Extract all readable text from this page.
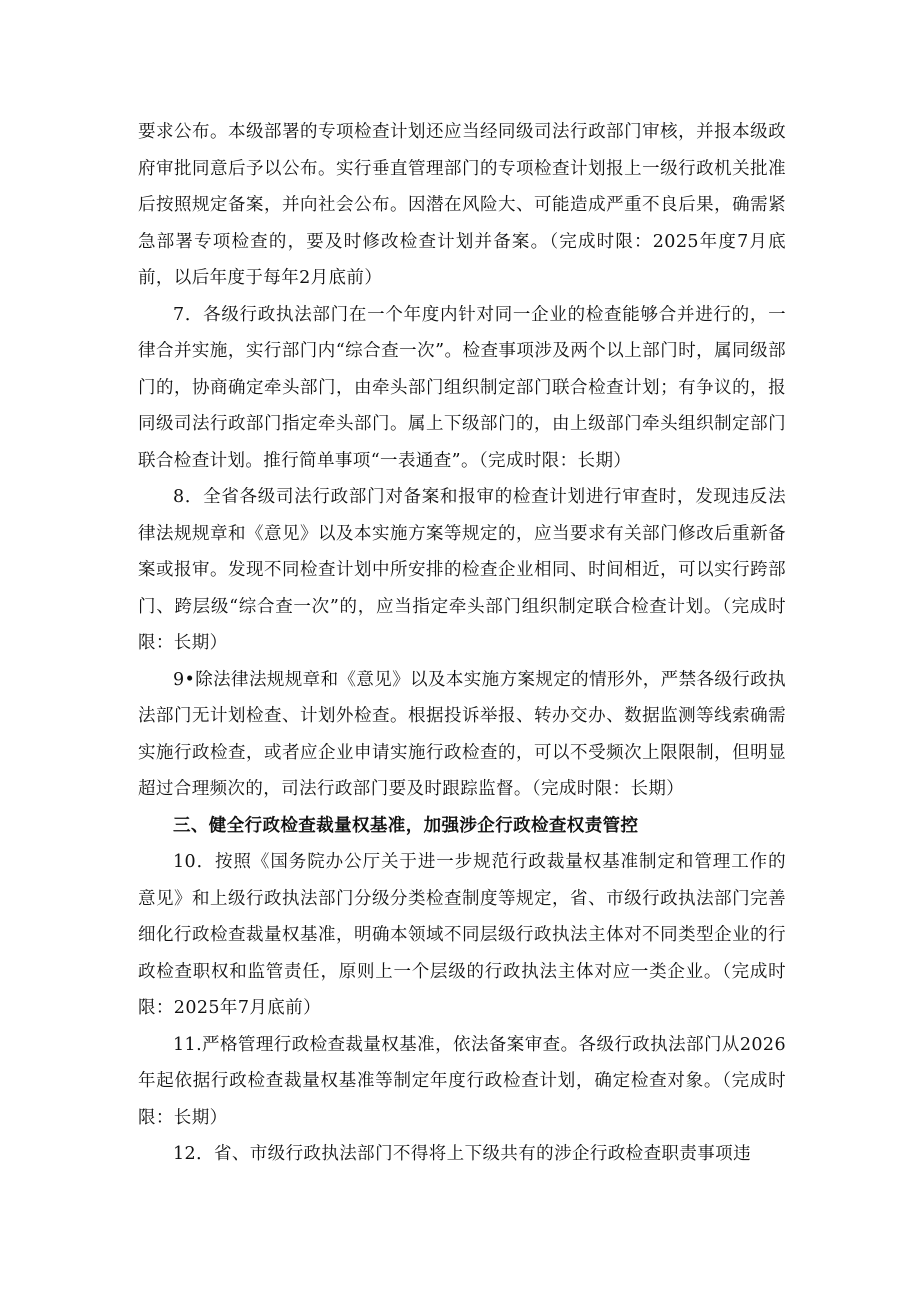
要求公布。本级部署的专项检查计划还应当经同级司法行政部门审核，并报本级政府审批同意后予以公布。实行垂直管理部门的专项检查计划报上一级行政机关批准后按照规定备案，并向社会公布。因潜在风险大、可能造成严重不良后果，确需紧急部署专项检查的，要及时修改检查计划并备案。（完成时限：2025年度7月底前，以后年度于每年2月底前）

7．各级行政执法部门在一个年度内针对同一企业的检查能够合并进行的，一律合并实施，实行部门内“综合查一次”。检查事项涉及两个以上部门时，属同级部门的，协商确定牵头部门，由牵头部门组织制定部门联合检查计划；有争议的，报同级司法行政部门指定牵头部门。属上下级部门的，由上级部门牵头组织制定部门联合检查计划。推行简单事项“一表通查”。（完成时限：长期）

8．全省各级司法行政部门对备案和报审的检查计划进行审查时，发现违反法律法规规章和《意见》以及本实施方案等规定的，应当要求有关部门修改后重新备案或报审。发现不同检查计划中所安排的检查企业相同、时间相近，可以实行跨部门、跨层级“综合查一次”的，应当指定牵头部门组织制定联合检查计划。（完成时限：长期）

9•除法律法规规章和《意见》以及本实施方案规定的情形外，严禁各级行政执法部门无计划检查、计划外检查。根据投诉举报、转办交办、数据监测等线索确需实施行政检查，或者应企业申请实施行政检查的，可以不受频次上限限制，但明显超过合理频次的，司法行政部门要及时跟踪监督。（完成时限：长期）

三、健全行政检查裁量权基准，加强涉企行政检查权责管控

10．按照《国务院办公厅关于进一步规范行政裁量权基准制定和管理工作的意见》和上级行政执法部门分级分类检查制度等规定，省、市级行政执法部门完善细化行政检查裁量权基准，明确本领域不同层级行政执法主体对不同类型企业的行政检查职权和监管责任，原则上一个层级的行政执法主体对应一类企业。（完成时限：2025年7月底前）

11.严格管理行政检查裁量权基准，依法备案审查。各级行政执法部门从2026年起依据行政检查裁量权基准等制定年度行政检查计划，确定检查对象。（完成时限：长期）

12．省、市级行政执法部门不得将上下级共有的涉企行政检查职责事项违
